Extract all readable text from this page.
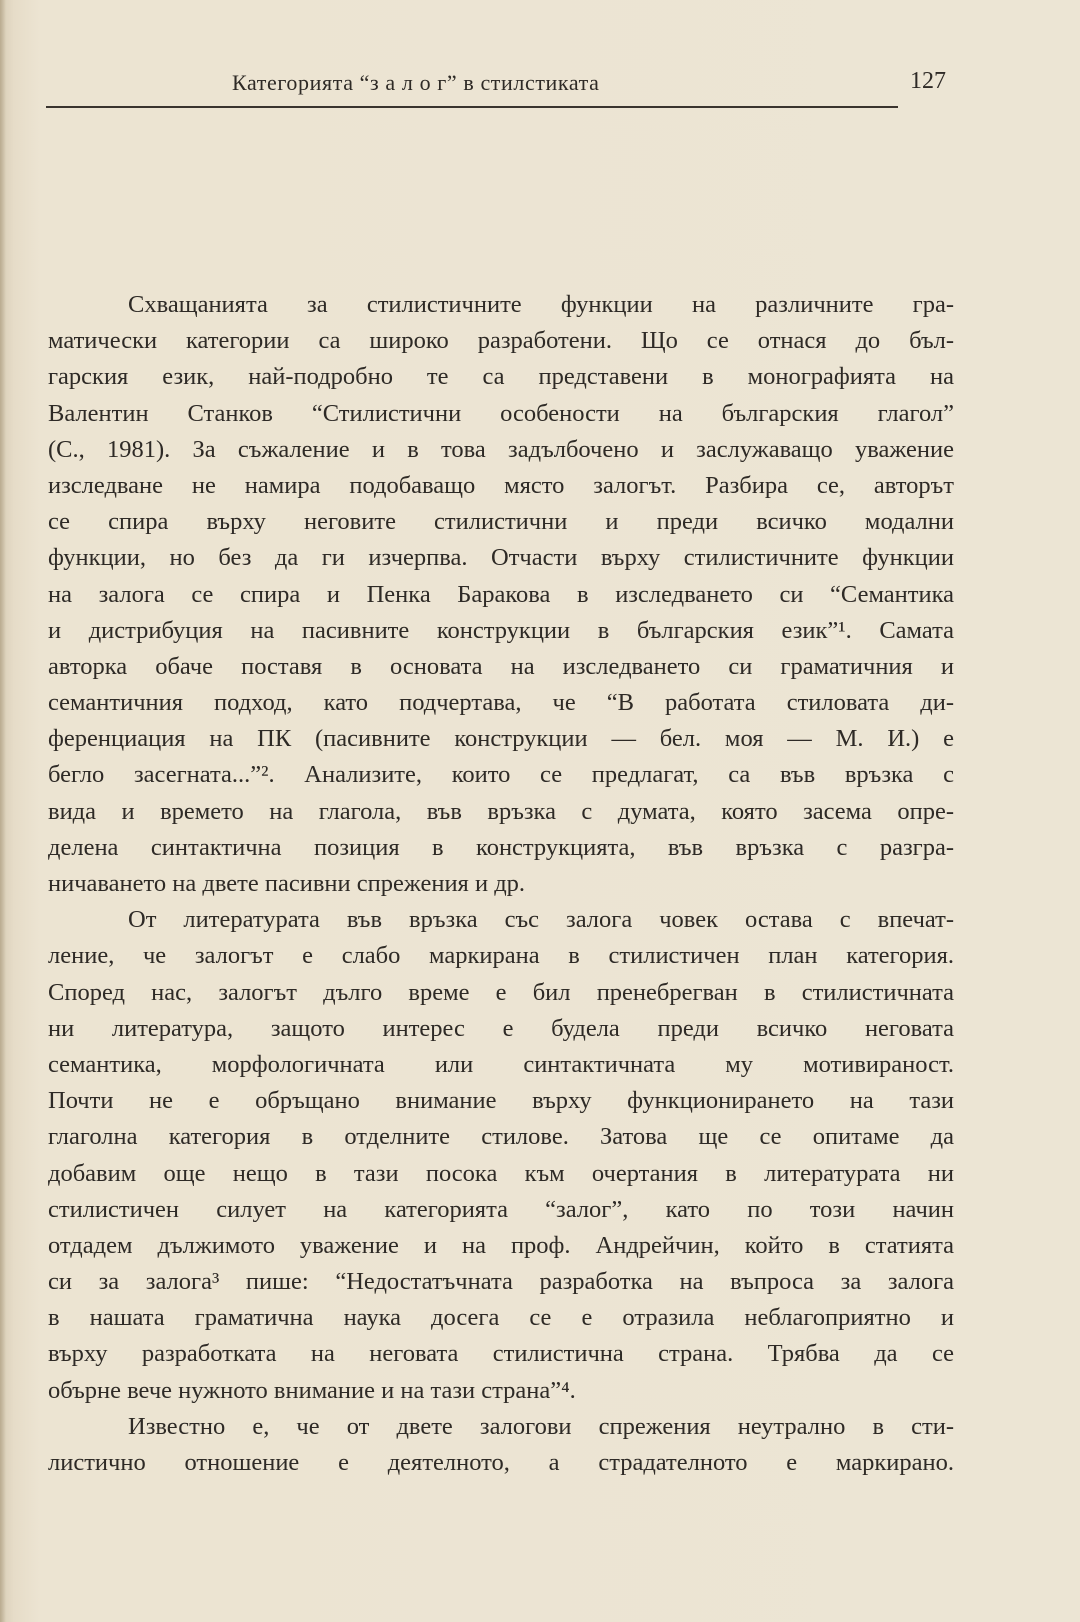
Категорията “з а л о г” в стилстиката	127
Схващанията за стилистичните функции на различните гра-
матически категории са широко разработени. Що се отнася до бъл-
гарския език, най-подробно те са представени в монографията на
Валентин Станков “Стилистични особености на българския глагол”
(С., 1981). За съжаление и в това задълбочено и заслужаващо уважение
изследване не намира подобаващо място залогът. Разбира се, авторът
се спира върху неговите стилистични и преди всичко модални
функции, но без да ги изчерпва. Отчасти върху стилистичните функции
на залога се спира и Пенка Баракова в изследването си “Семантика
и дистрибуция на пасивните конструкции в българския език”¹. Самата
авторка обаче поставя в основата на изследването си граматичния и
семантичния подход, като подчертава, че “В работата стиловата ди-
ференциация на ПК (пасивните конструкции — бел. моя — М. И.) е
бегло засегната...”². Анализите, които се предлагат, са във връзка с
вида и времето на глагола, във връзка с думата, която засема опре-
делена синтактична позиция в конструкцията, във връзка с разгра-
ничаването на двете пасивни спрежения и др.
От литературата във връзка със залога човек остава с впечат-
ление, че залогът е слабо маркирана в стилистичен план категория.
Според нас, залогът дълго време е бил пренебрегван в стилистичната
ни литература, защото интерес е будела преди всичко неговата
семантика, морфологичната или синтактичната му мотивираност.
Почти не е обръщано внимание върху функционирането на тази
глаголна категория в отделните стилове. Затова ще се опитаме да
добавим още нещо в тази посока към очертания в литературата ни
стилистичен силует на категорията “залог”, като по този начин
отдадем дължимото уважение и на проф. Андрейчин, който в статията
си за залога³ пише: “Недостатъчната разработка на въпроса за залога
в нашата граматична наука досега се е отразила неблагоприятно и
върху разработката на неговата стилистична страна. Трябва да се
обърне вече нужното внимание и на тази страна”⁴.
Известно е, че от двете залогови спрежения неутрално в сти-
листично отношение е деятелното, а страдателното е маркирано.
